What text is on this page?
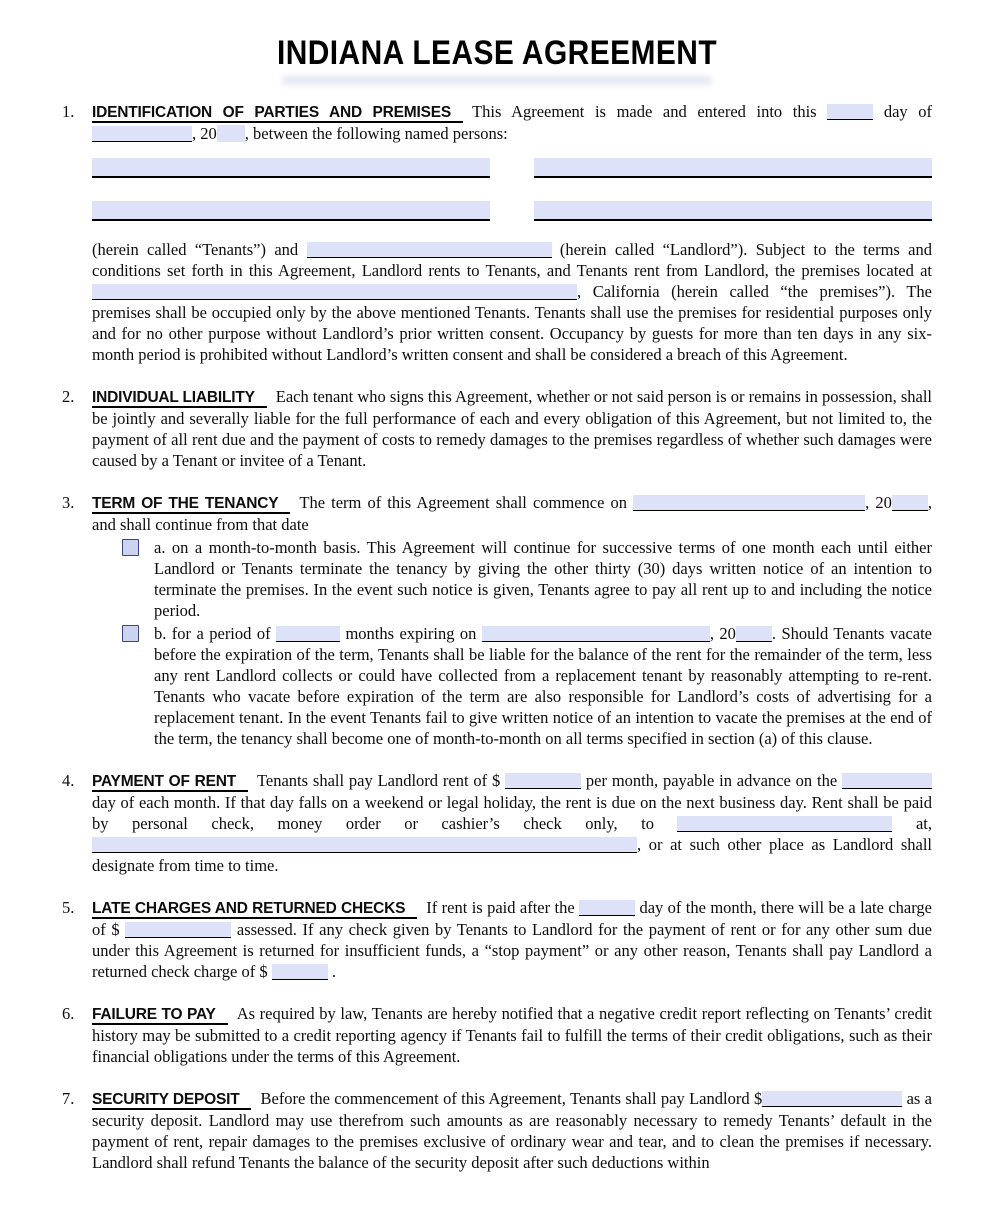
INDIANA LEASE AGREEMENT
1.	IDENTIFICATION OF PARTIES AND PREMISES This Agreement is made and entered into this	day of , 20 , between the following named persons:
(herein called “Tenants”) and	(herein called “Landlord”). Subject to the terms and conditions set forth in this Agreement, Landlord rents to Tenants, and Tenants rent from Landlord, the premises located at , California (herein called “the premises”). The premises shall be occupied only by the above mentioned Tenants. Tenants shall use the premises for residential purposes only and for no other purpose without Landlord’s prior written consent. Occupancy by guests for more than ten days in any six-month period is prohibited without Landlord’s written consent and shall be considered a breach of this Agreement.
2.	INDIVIDUAL LIABILITY Each tenant who signs this Agreement, whether or not said person is or remains in possession, shall be jointly and severally liable for the full performance of each and every obligation of this Agreement, but not limited to, the payment of all rent due and the payment of costs to remedy damages to the premises regardless of whether such damages were caused by a Tenant or invitee of a Tenant.
3.	TERM OF THE TENANCY The term of this Agreement shall commence on	, 20 , and shall continue from that date
a. on a month-to-month basis. This Agreement will continue for successive terms of one month each until either Landlord or Tenants terminate the tenancy by giving the other thirty (30) days written notice of an intention to terminate the premises. In the event such notice is given, Tenants agree to pay all rent up to and including the notice period.
b. for a period of	months expiring on	, 20 . Should Tenants vacate before the expiration of the term, Tenants shall be liable for the balance of the rent for the remainder of the term, less any rent Landlord collects or could have collected from a replacement tenant by reasonably attempting to re-rent. Tenants who vacate before expiration of the term are also responsible for Landlord’s costs of advertising for a replacement tenant. In the event Tenants fail to give written notice of an intention to vacate the premises at the end of the term, the tenancy shall become one of month-to-month on all terms specified in section (a) of this clause.
4.	PAYMENT OF RENT Tenants shall pay Landlord rent of $	per month, payable in advance on the  day of each month. If that day falls on a weekend or legal holiday, the rent is due on the next business day. Rent shall be paid by personal check, money order or cashier’s check only, to	at, , or at such other place as Landlord shall designate from time to time.
5.	LATE CHARGES AND RETURNED CHECKS If rent is paid after the	day of the month, there will be a late charge of $	assessed. If any check given by Tenants to Landlord for the payment of rent or for any other sum due under this Agreement is returned for insufficient funds, a “stop payment” or any other reason, Tenants shall pay Landlord a returned check charge of $	.
6.	FAILURE TO PAY As required by law, Tenants are hereby notified that a negative credit report reflecting on Tenants’ credit history may be submitted to a credit reporting agency if Tenants fail to fulfill the terms of their credit obligations, such as their financial obligations under the terms of this Agreement.
7.	SECURITY DEPOSIT Before the commencement of this Agreement, Tenants shall pay Landlord $	as a security deposit. Landlord may use therefrom such amounts as are reasonably necessary to remedy Tenants’ default in the payment of rent, repair damages to the premises exclusive of ordinary wear and tear, and to clean the premises if necessary. Landlord shall refund Tenants the balance of the security deposit after such deductions within
